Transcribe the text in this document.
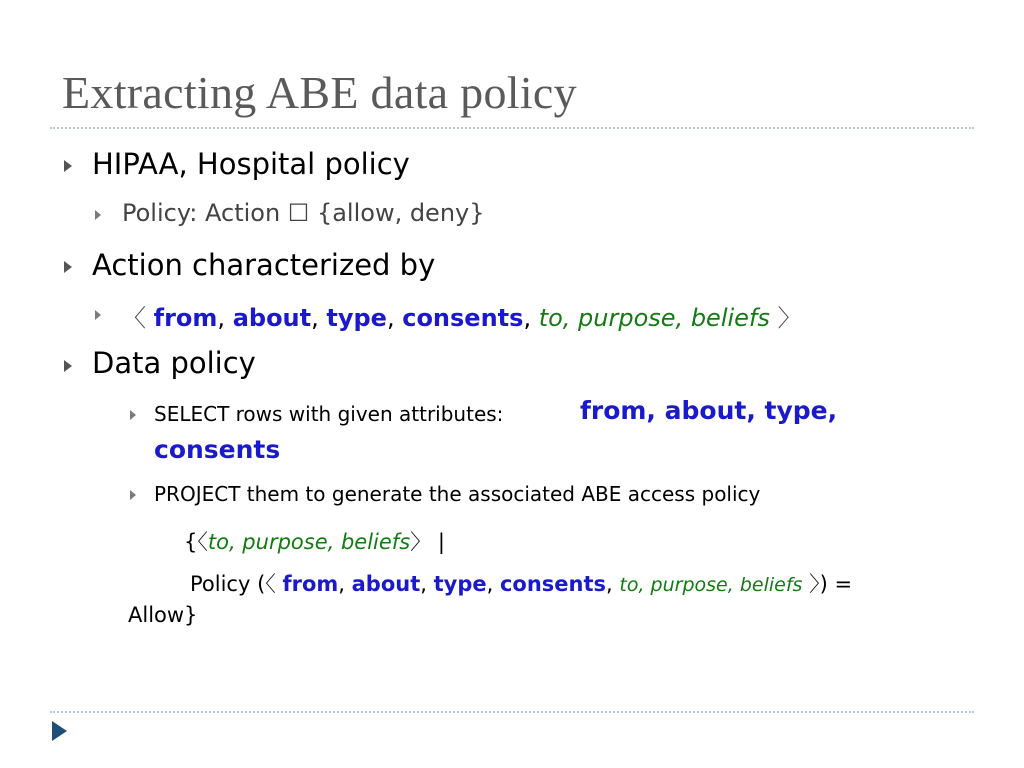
Extracting ABE data policy
HIPAA, Hospital policy
Policy: Action ☐ {allow, deny}
Action characterized by
〈 from, about, type, consents, to, purpose, beliefs 〉
Data policy
SELECT rows with given attributes:	from, about, type,
consents
PROJECT them to generate the associated ABE access policy
{〈to, purpose, beliefs〉 |
Policy (〈 from, about, type, consents, to, purpose, beliefs 〉) =
Allow}
